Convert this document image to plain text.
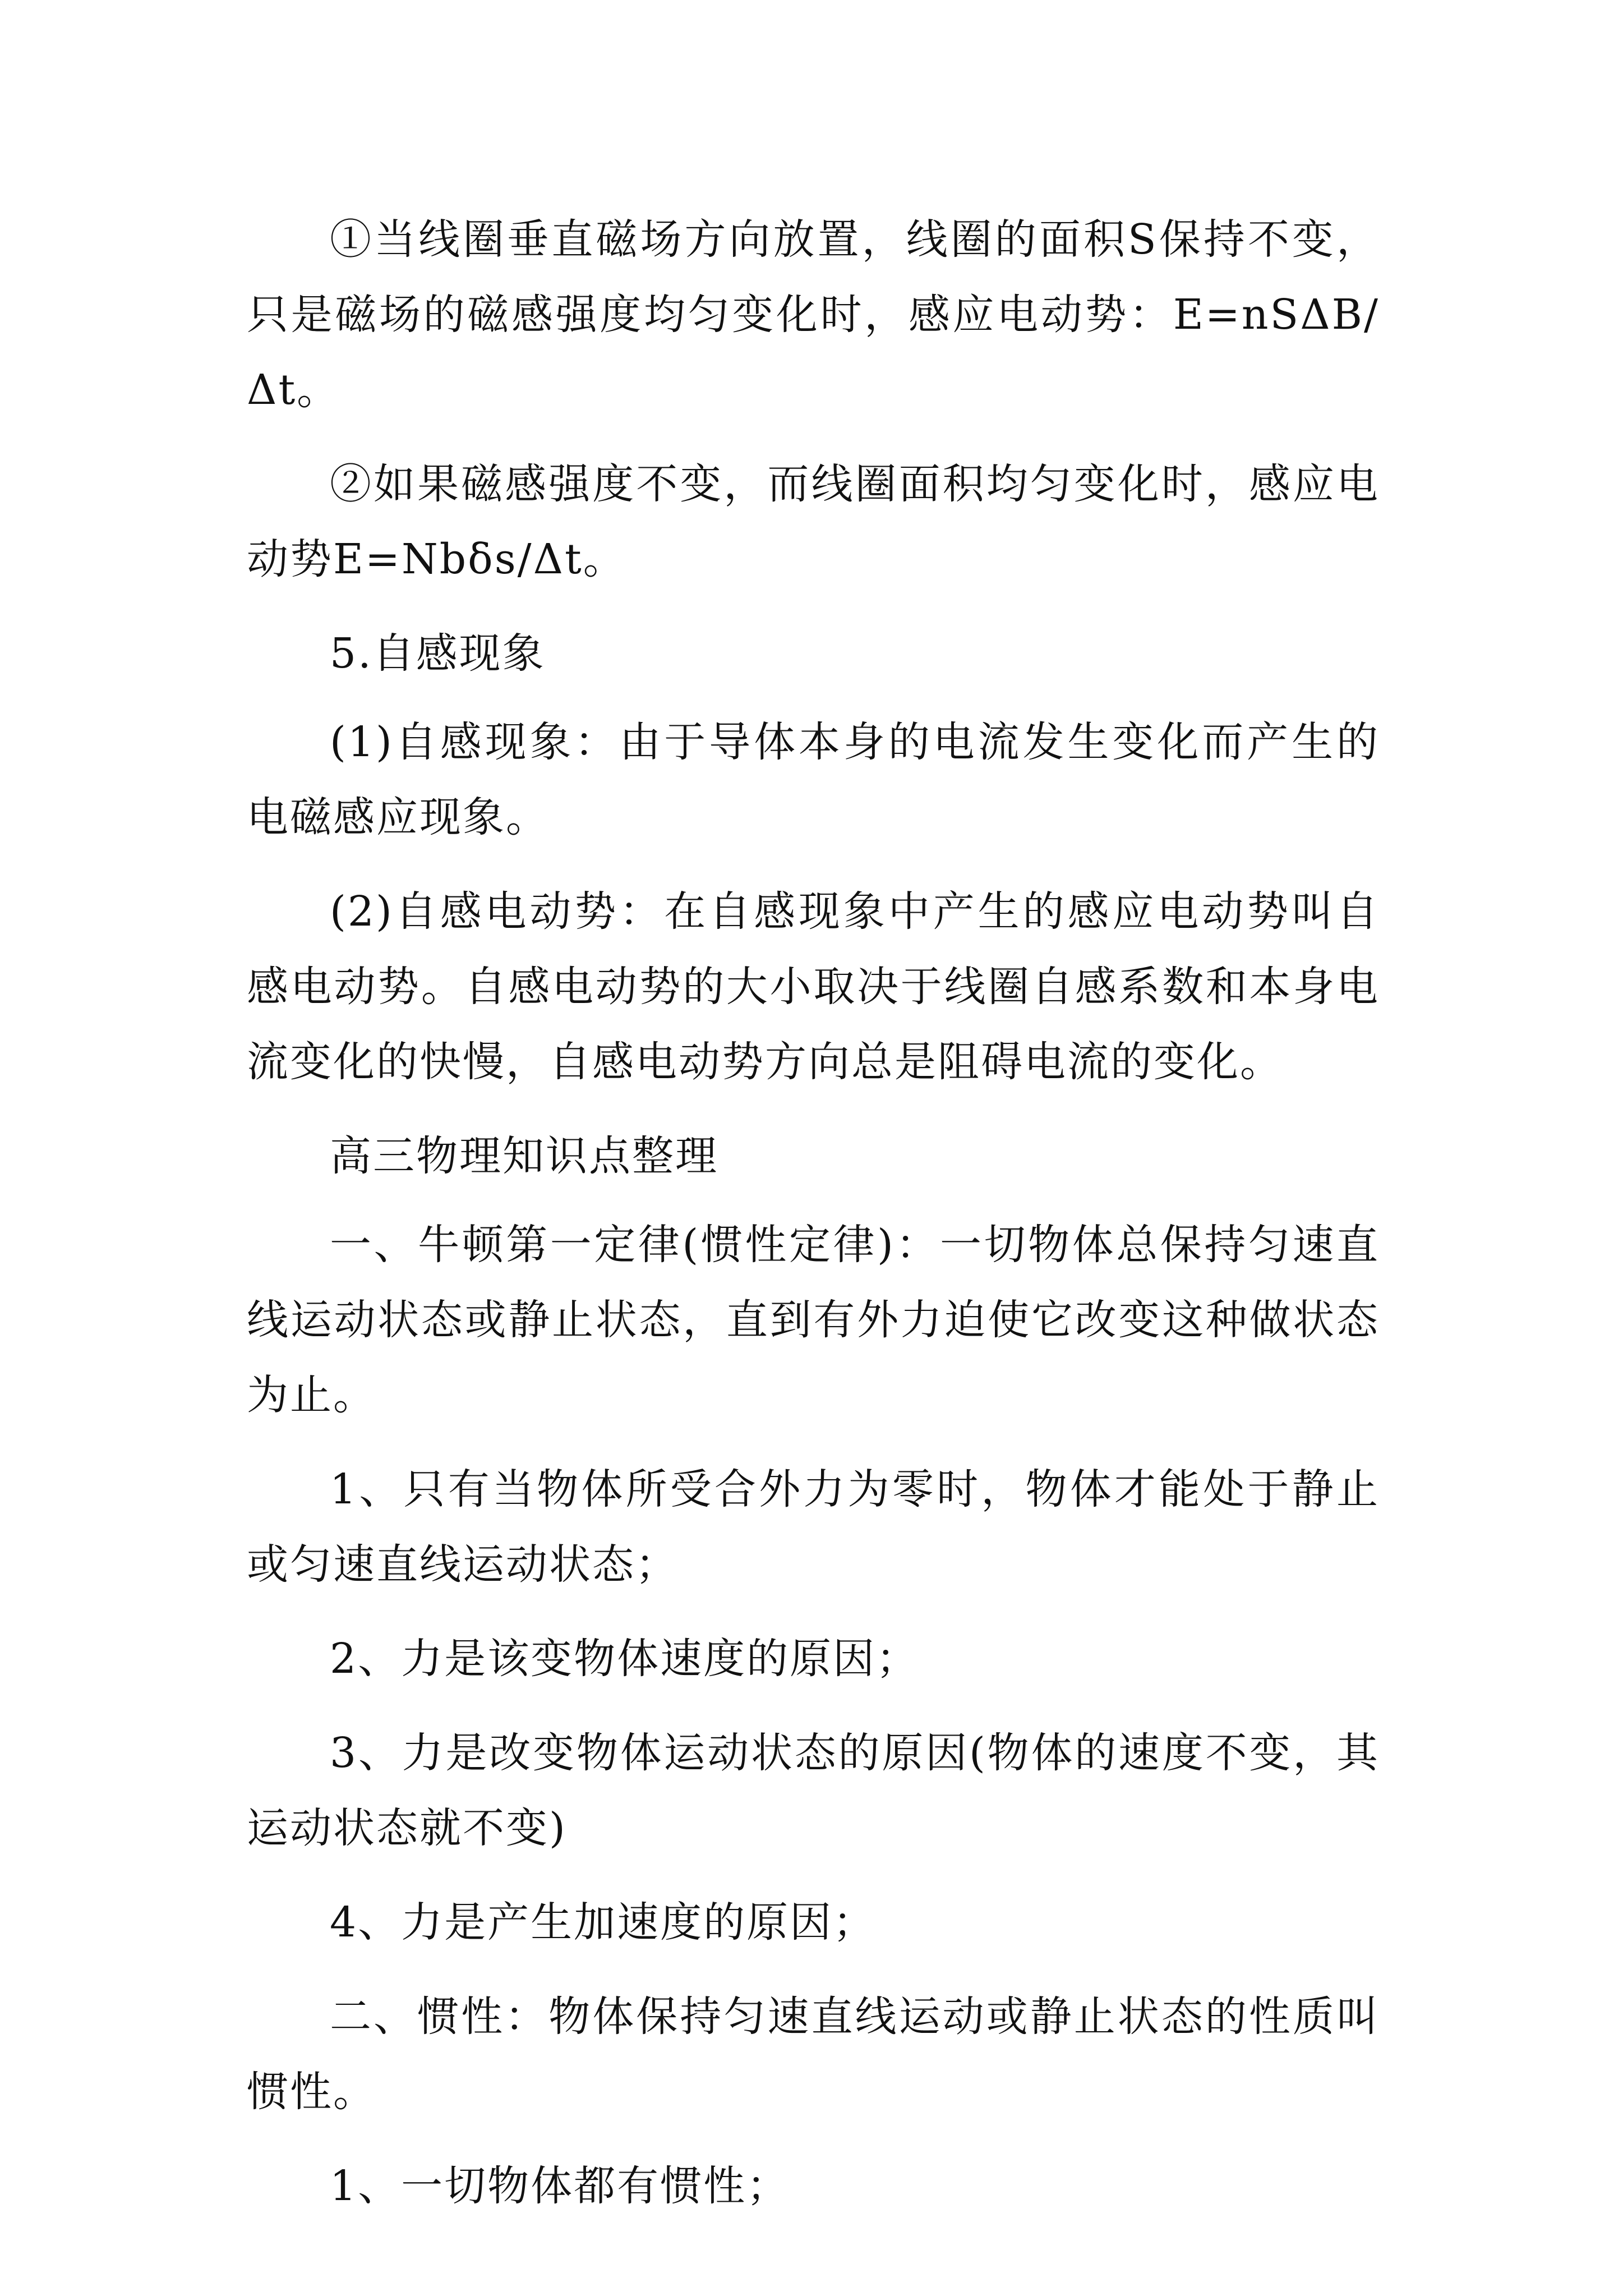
①当线圈垂直磁场方向放置，线圈的面积S保持不变，只是磁场的磁感强度均匀变化时，感应电动势：E=nSΔB/Δt。

②如果磁感强度不变，而线圈面积均匀变化时，感应电动势E=Nbδs/Δt。

5.自感现象

(1)自感现象：由于导体本身的电流发生变化而产生的电磁感应现象。

(2)自感电动势：在自感现象中产生的感应电动势叫自感电动势。自感电动势的大小取决于线圈自感系数和本身电流变化的快慢，自感电动势方向总是阻碍电流的变化。

高三物理知识点整理

一、牛顿第一定律(惯性定律)：一切物体总保持匀速直线运动状态或静止状态，直到有外力迫使它改变这种做状态为止。

1、只有当物体所受合外力为零时，物体才能处于静止或匀速直线运动状态；

2、力是该变物体速度的原因；

3、力是改变物体运动状态的原因(物体的速度不变，其运动状态就不变)

4、力是产生加速度的原因；

二、惯性：物体保持匀速直线运动或静止状态的性质叫惯性。

1、一切物体都有惯性；
